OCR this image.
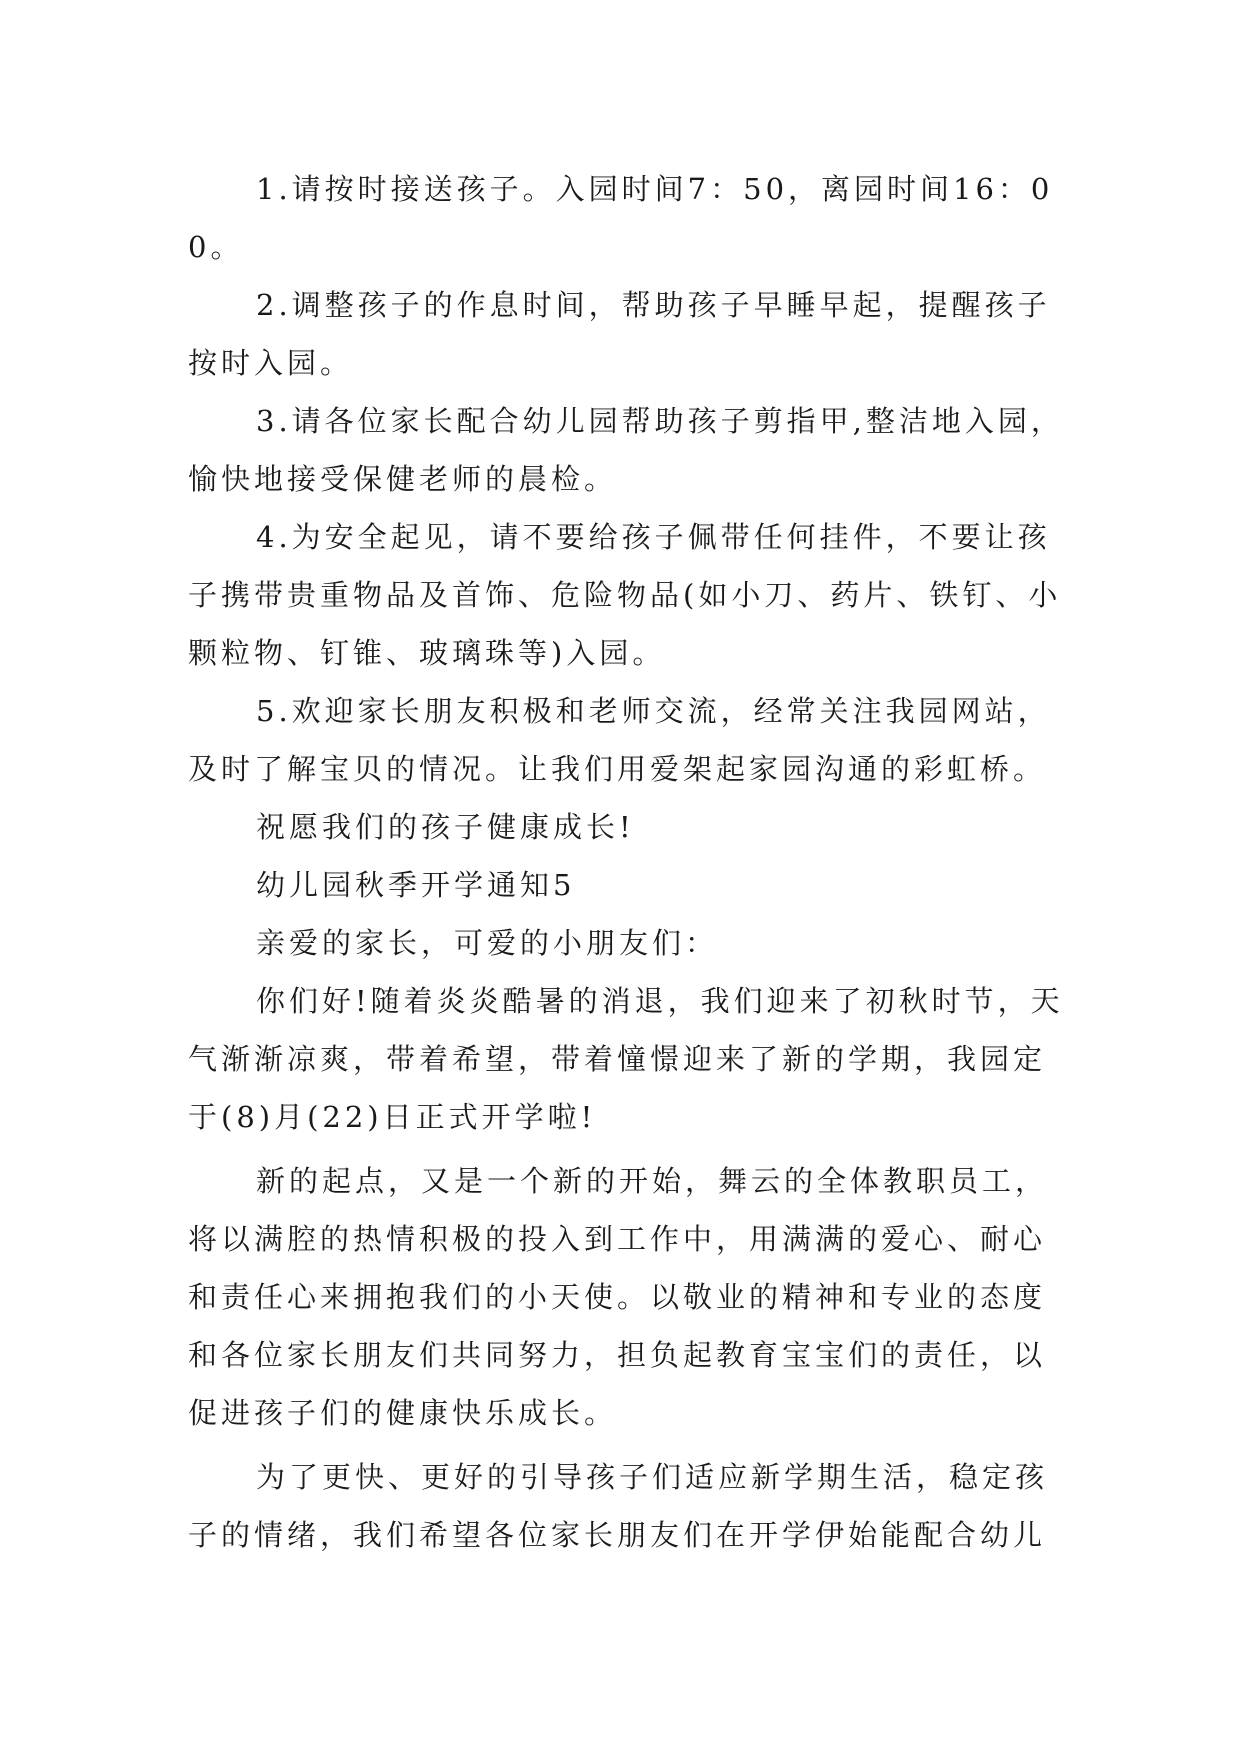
1.请按时接送孩子。入园时间7：50，离园时间16：00。

2.调整孩子的作息时间，帮助孩子早睡早起，提醒孩子按时入园。

3.请各位家长配合幼儿园帮助孩子剪指甲,整洁地入园，愉快地接受保健老师的晨检。

4.为安全起见，请不要给孩子佩带任何挂件，不要让孩子携带贵重物品及首饰、危险物品(如小刀、药片、铁钉、小颗粒物、钉锥、玻璃珠等)入园。

5.欢迎家长朋友积极和老师交流，经常关注我园网站，及时了解宝贝的情况。让我们用爱架起家园沟通的彩虹桥。

祝愿我们的孩子健康成长!

幼儿园秋季开学通知5

亲爱的家长，可爱的小朋友们：

你们好!随着炎炎酷暑的消退，我们迎来了初秋时节，天气渐渐凉爽，带着希望，带着憧憬迎来了新的学期，我园定于(8)月(22)日正式开学啦!

新的起点，又是一个新的开始，舞云的全体教职员工，将以满腔的热情积极的投入到工作中，用满满的爱心、耐心和责任心来拥抱我们的小天使。以敬业的精神和专业的态度和各位家长朋友们共同努力，担负起教育宝宝们的责任，以促进孩子们的健康快乐成长。

为了更快、更好的引导孩子们适应新学期生活，稳定孩子的情绪，我们希望各位家长朋友们在开学伊始能配合幼儿
